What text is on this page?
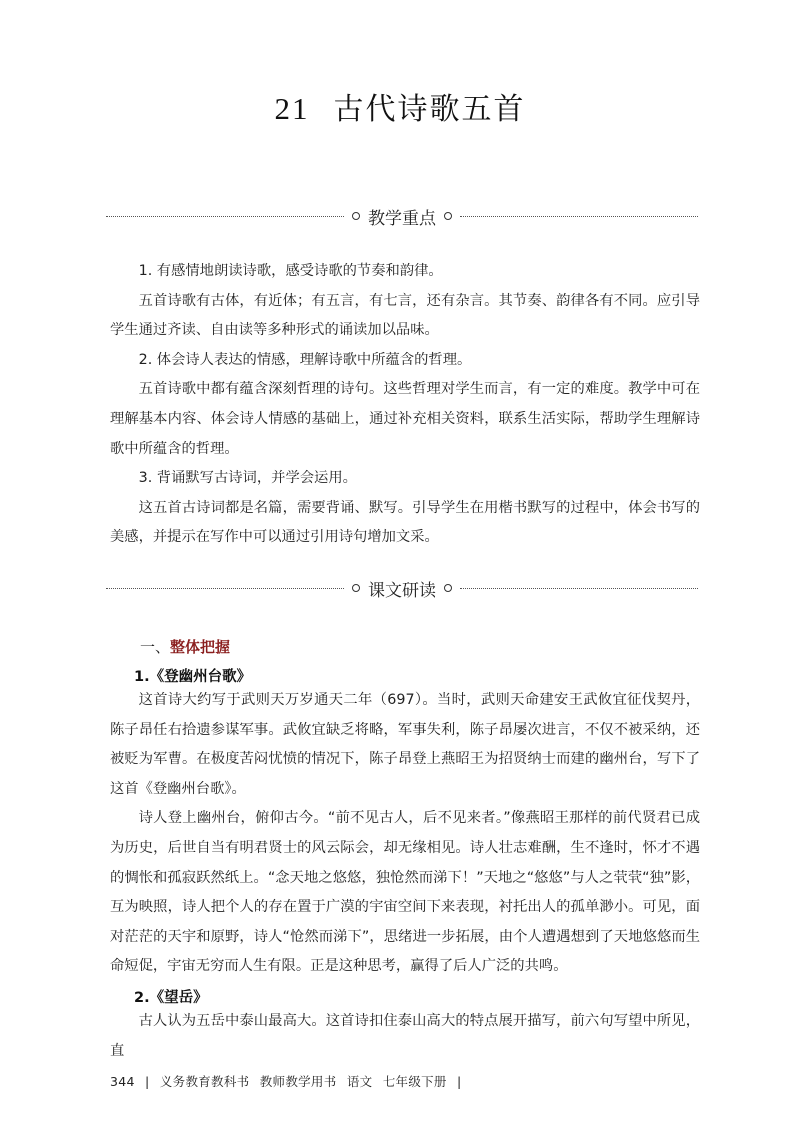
21 古代诗歌五首
教学重点
1. 有感情地朗读诗歌，感受诗歌的节奏和韵律。
五首诗歌有古体，有近体；有五言，有七言，还有杂言。其节奏、韵律各有不同。应引导学生通过齐读、自由读等多种形式的诵读加以品味。
2. 体会诗人表达的情感，理解诗歌中所蕴含的哲理。
五首诗歌中都有蕴含深刻哲理的诗句。这些哲理对学生而言，有一定的难度。教学中可在理解基本内容、体会诗人情感的基础上，通过补充相关资料，联系生活实际，帮助学生理解诗歌中所蕴含的哲理。
3. 背诵默写古诗词，并学会运用。
这五首古诗词都是名篇，需要背诵、默写。引导学生在用楷书默写的过程中，体会书写的美感，并提示在写作中可以通过引用诗句增加文采。
课文研读
一、整体把握
1.《登幽州台歌》
这首诗大约写于武则天万岁通天二年（697）。当时，武则天命建安王武攸宜征伐契丹，陈子昂任右拾遗参谋军事。武攸宜缺乏将略，军事失利，陈子昂屡次进言，不仅不被采纳，还被贬为军曹。在极度苦闷忧愤的情况下，陈子昂登上燕昭王为招贤纳士而建的幽州台，写下了这首《登幽州台歌》。
诗人登上幽州台，俯仰古今。“前不见古人，后不见来者。”像燕昭王那样的前代贤君已成为历史，后世自当有明君贤士的风云际会，却无缘相见。诗人壮志难酬，生不逢时，怀才不遇的惆怅和孤寂跃然纸上。“念天地之悠悠，独怆然而涕下！”天地之“悠悠”与人之茕茕“独”影，互为映照，诗人把个人的存在置于广漠的宇宙空间下来表现，衬托出人的孤单渺小。可见，面对茫茫的天宇和原野，诗人“怆然而涕下”，思绪进一步拓展，由个人遭遇想到了天地悠悠而生命短促，宇宙无穷而人生有限。正是这种思考，赢得了后人广泛的共鸣。
2.《望岳》
古人认为五岳中泰山最高大。这首诗扣住泰山高大的特点展开描写，前六句写望中所见，直
344 | 义务教育教科书 教师教学用书 语文 七年级下册 |
